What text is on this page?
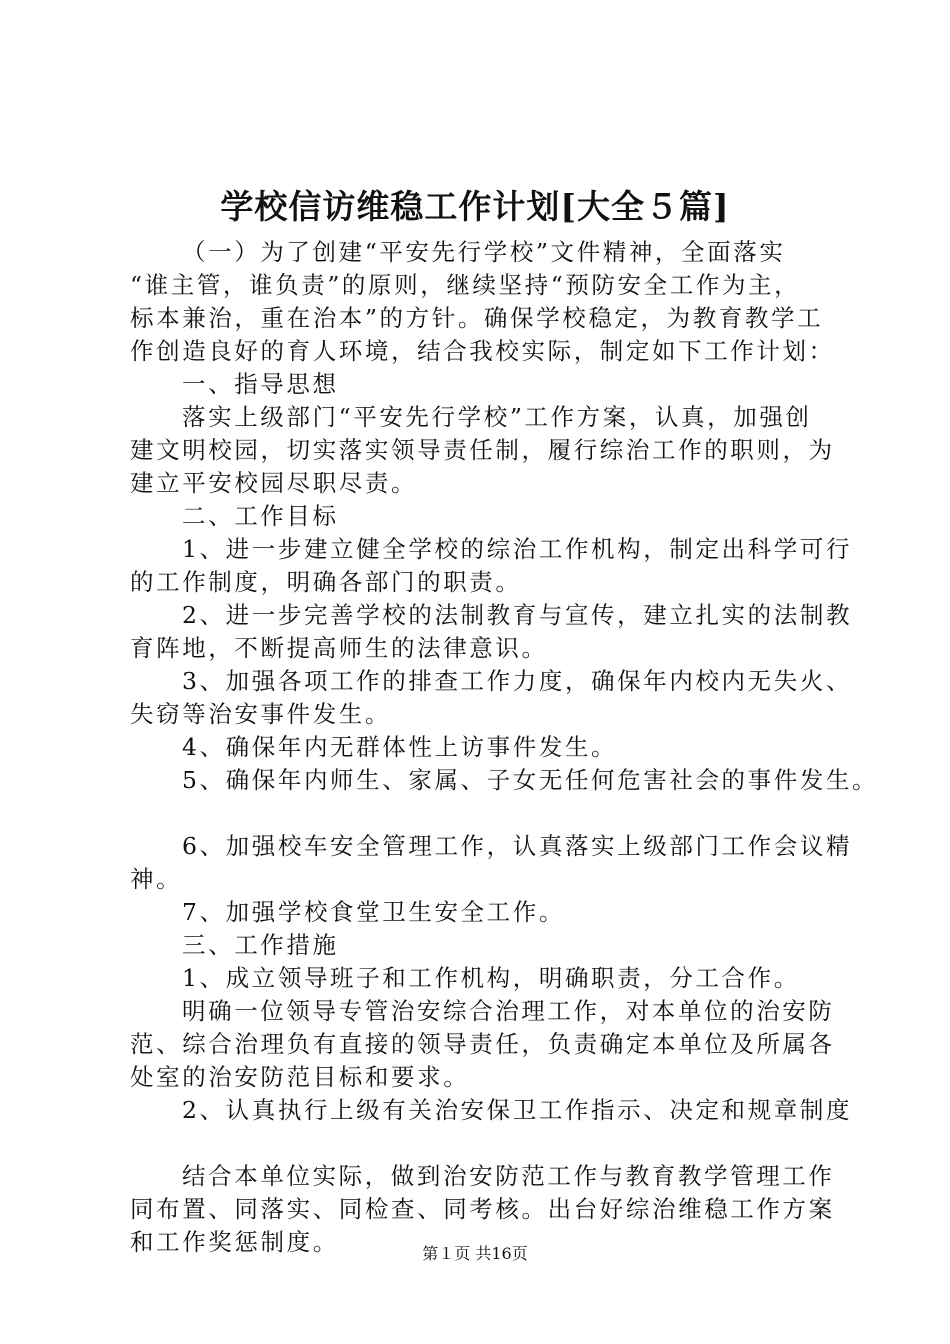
学校信访维稳工作计划[大全５篇]
（一）为了创建“平安先行学校”文件精神，全面落实
“谁主管，谁负责”的原则，继续坚持“预防安全工作为主，
标本兼治，重在治本”的方针。确保学校稳定，为教育教学工
作创造良好的育人环境，结合我校实际，制定如下工作计划：
一、指导思想
落实上级部门“平安先行学校”工作方案，认真，加强创
建文明校园，切实落实领导责任制，履行综治工作的职则，为
建立平安校园尽职尽责。
二、工作目标
1、进一步建立健全学校的综治工作机构，制定出科学可行
的工作制度，明确各部门的职责。
2、进一步完善学校的法制教育与宣传，建立扎实的法制教
育阵地，不断提高师生的法律意识。
3、加强各项工作的排查工作力度，确保年内校内无失火、
失窃等治安事件发生。
4、确保年内无群体性上访事件发生。
5、确保年内师生、家属、子女无任何危害社会的事件发生。
6、加强校车安全管理工作，认真落实上级部门工作会议精
神。
7、加强学校食堂卫生安全工作。
三、工作措施
1、成立领导班子和工作机构，明确职责，分工合作。
明确一位领导专管治安综合治理工作，对本单位的治安防
范、综合治理负有直接的领导责任，负责确定本单位及所属各
处室的治安防范目标和要求。
2、认真执行上级有关治安保卫工作指示、决定和规章制度
结合本单位实际，做到治安防范工作与教育教学管理工作
同布置、同落实、同检查、同考核。出台好综治维稳工作方案
和工作奖惩制度。	第１页 共16页
